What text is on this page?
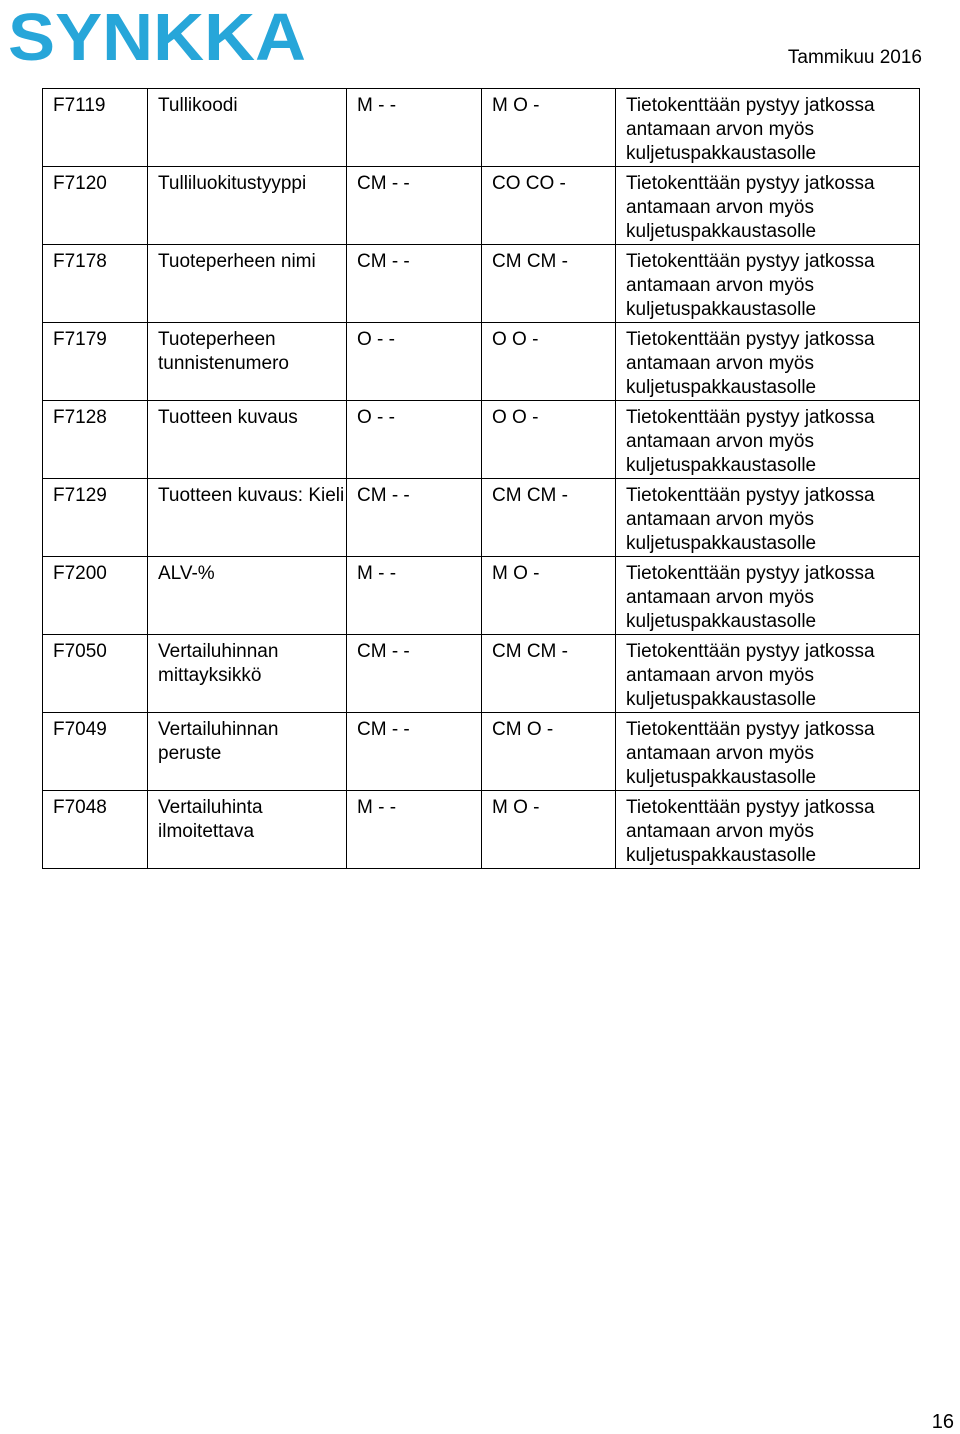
SYNKKA	Tammikuu 2016
F7119	Tullikoodi	M - -	M O -	Tietokenttään pystyy jatkossa antamaan arvon myös kuljetuspakkaustasolle
F7120	Tulliluokitustyyppi	CM - -	CO CO -	Tietokenttään pystyy jatkossa antamaan arvon myös kuljetuspakkaustasolle
F7178	Tuoteperheen nimi	CM - -	CM CM -	Tietokenttään pystyy jatkossa antamaan arvon myös kuljetuspakkaustasolle
F7179	Tuoteperheen tunnistenumero	O - -	O O -	Tietokenttään pystyy jatkossa antamaan arvon myös kuljetuspakkaustasolle
F7128	Tuotteen kuvaus	O - -	O O -	Tietokenttään pystyy jatkossa antamaan arvon myös kuljetuspakkaustasolle
F7129	Tuotteen kuvaus: Kieli	CM - -	CM CM -	Tietokenttään pystyy jatkossa antamaan arvon myös kuljetuspakkaustasolle
F7200	ALV-%	M - -	M O -	Tietokenttään pystyy jatkossa antamaan arvon myös kuljetuspakkaustasolle
F7050	Vertailuhinnan mittayksikkö	CM - -	CM CM -	Tietokenttään pystyy jatkossa antamaan arvon myös kuljetuspakkaustasolle
F7049	Vertailuhinnan peruste	CM - -	CM O -	Tietokenttään pystyy jatkossa antamaan arvon myös kuljetuspakkaustasolle
F7048	Vertailuhinta ilmoitettava	M - -	M O -	Tietokenttään pystyy jatkossa antamaan arvon myös kuljetuspakkaustasolle
16
